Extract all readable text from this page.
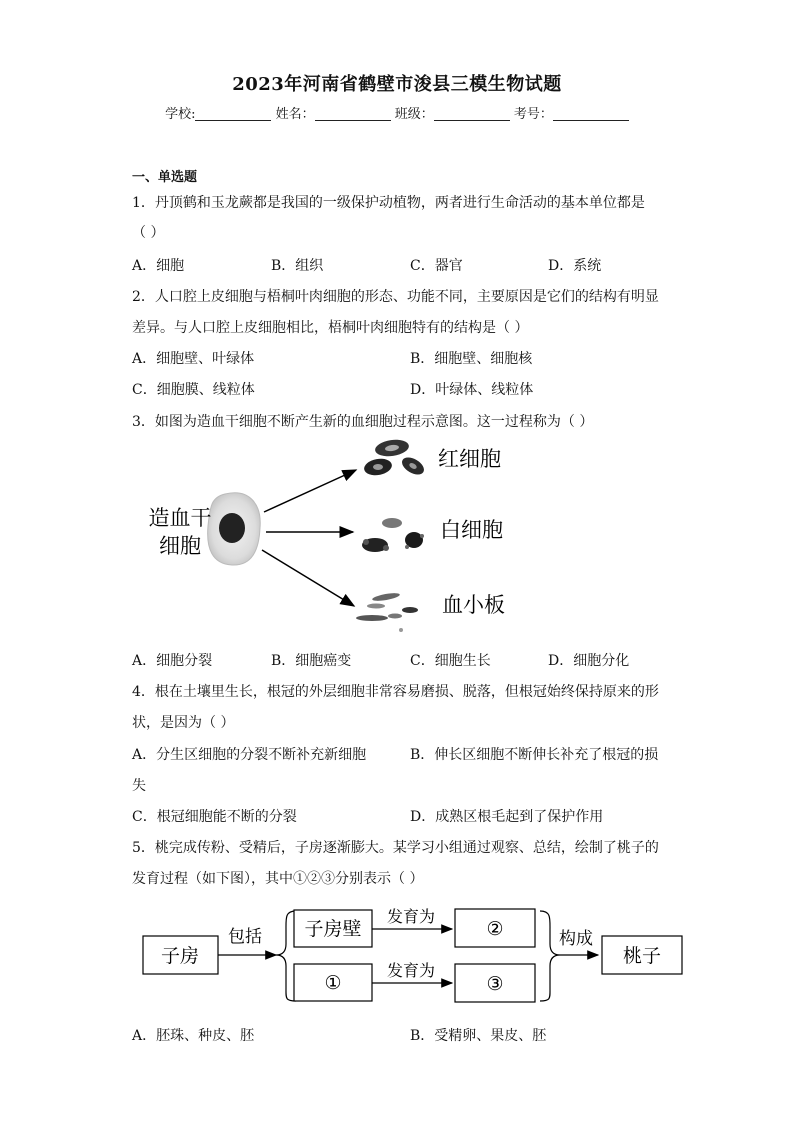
2023年河南省鹤壁市浚县三模生物试题
学校:	姓名：	班级：	考号：
一、单选题
1．丹顶鹤和玉龙蕨都是我国的一级保护动植物，两者进行生命活动的基本单位都是
（ ）
A．细胞	B．组织	C．器官	D．系统
2．人口腔上皮细胞与梧桐叶肉细胞的形态、功能不同，主要原因是它们的结构有明显
差异。与人口腔上皮细胞相比，梧桐叶肉细胞特有的结构是（ ）
A．细胞壁、叶绿体	B．细胞壁、细胞核
C．细胞膜、线粒体	D．叶绿体、线粒体
3．如图为造血干细胞不断产生新的血细胞过程示意图。这一过程称为（ ）
造血干
细胞
红细胞
白细胞
血小板
子房
包括 子房壁
发育为
②
①
发育为
③
构成
桃子
A．细胞分裂	B．细胞癌变	C．细胞生长	D．细胞分化
4．根在土壤里生长，根冠的外层细胞非常容易磨损、脱落，但根冠始终保持原来的形
状，是因为（ ）
A．分生区细胞的分裂不断补充新细胞	B．伸长区细胞不断伸长补充了根冠的损
失
C．根冠细胞能不断的分裂	D．成熟区根毛起到了保护作用
5．桃完成传粉、受精后，子房逐渐膨大。某学习小组通过观察、总结，绘制了桃子的
发育过程（如下图），其中①②③分别表示（ ）
A．胚珠、种皮、胚	B．受精卵、果皮、胚
